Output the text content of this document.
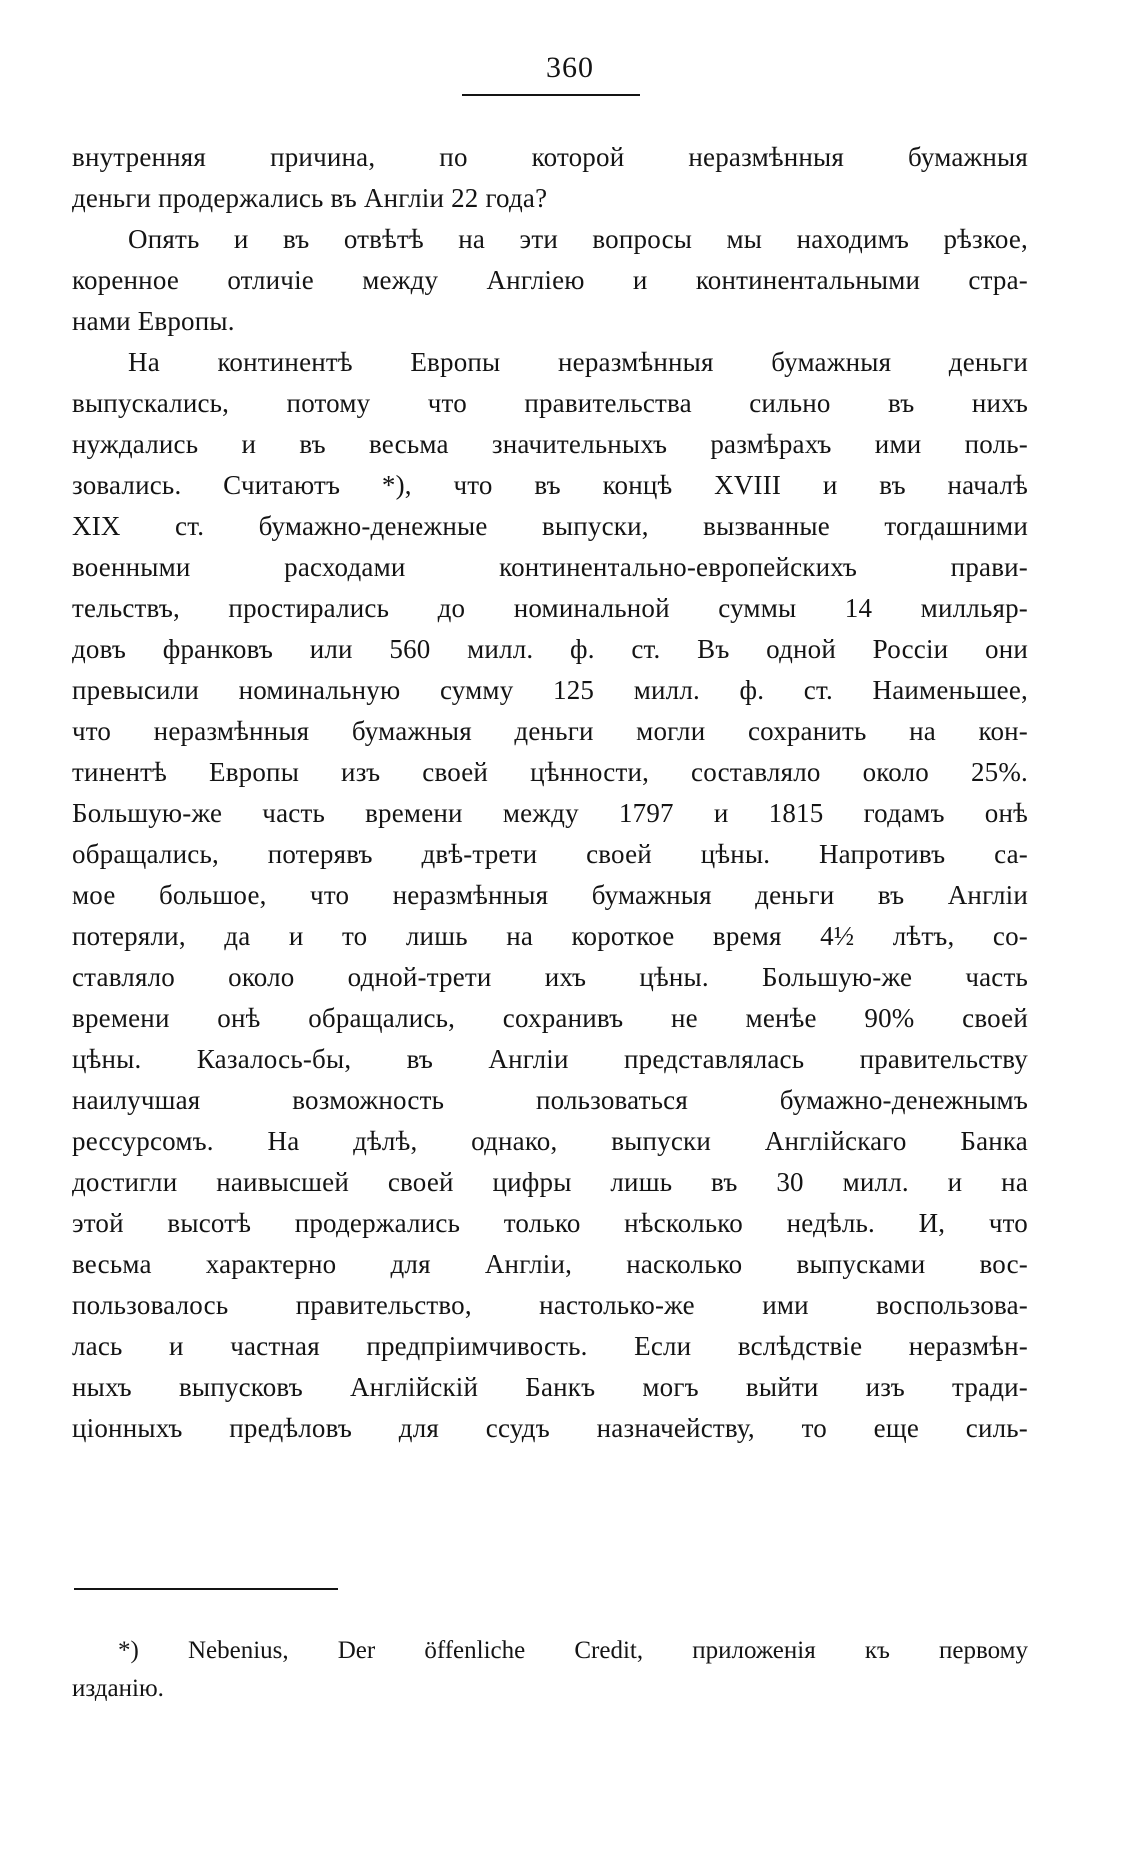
360
внутренняя причина, по которой неразмѣнныя бумажныя
деньги продержались въ Англіи 22 года?
Опять и въ отвѣтѣ на эти вопросы мы находимъ рѣзкое,
коренное отличіе между Англіею и континентальными стра-
нами Европы.
На континентѣ Европы неразмѣнныя бумажныя деньги
выпускались, потому что правительства сильно въ нихъ
нуждались и въ весьма значительныхъ размѣрахъ ими поль-
зовались. Считаютъ *), что въ концѣ XVIII и въ началѣ
XIX ст. бумажно-денежные выпуски, вызванные тогдашними
военными расходами континентально-европейскихъ прави-
тельствъ, простирались до номинальной суммы 14 милльяр-
довъ франковъ или 560 милл. ф. ст. Въ одной Россіи они
превысили номинальную сумму 125 милл. ф. ст. Наименьшее,
что неразмѣнныя бумажныя деньги могли сохранить на кон-
тинентѣ Европы изъ своей цѣнности, составляло около 25%.
Большую-же часть времени между 1797 и 1815 годамъ онѣ
обращались, потерявъ двѣ-трети своей цѣны. Напротивъ са-
мое большое, что неразмѣнныя бумажныя деньги въ Англіи
потеряли, да и то лишь на короткое время 4½ лѣтъ, со-
ставляло около одной-трети ихъ цѣны. Большую-же часть
времени онѣ обращались, сохранивъ не менѣе 90% своей
цѣны. Казалось-бы, въ Англіи представлялась правительству
наилучшая возможность пользоваться бумажно-денежнымъ
рессурсомъ. На дѣлѣ, однако, выпуски Англійскаго Банка
достигли наивысшей своей цифры лишь въ 30 милл. и на
этой высотѣ продержались только нѣсколько недѣль. И, что
весьма характерно для Англіи, насколько выпусками вос-
пользовалось правительство, настолько-же ими воспользова-
лась и частная предпріимчивость. Если вслѣдствіе неразмѣн-
ныхъ выпусковъ Англійскій Банкъ могъ выйти изъ тради-
ціонныхъ предѣловъ для ссудъ назначейству, то еще силь-
*) Nebenius, Der öffenliche Credit, приложенія къ первому
изданію.
